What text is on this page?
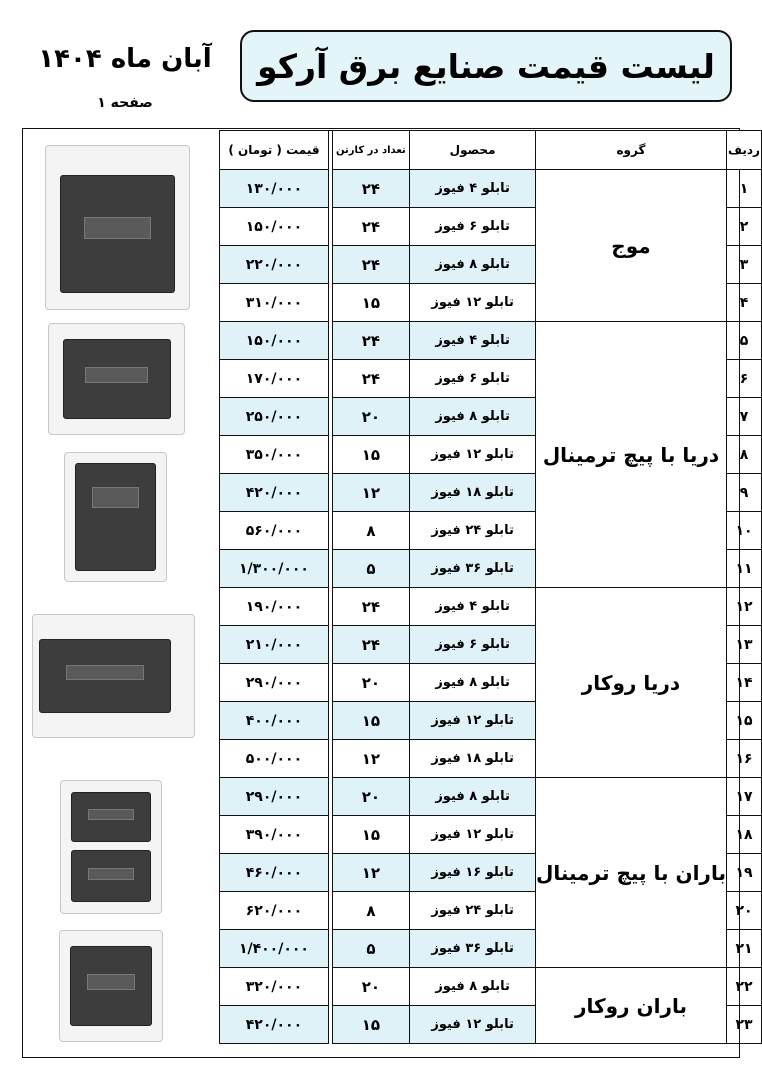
لیست قیمت صنایع برق آرکو
آبان ماه ۱۴۰۴
صفحه ۱
ردیف	گروه	محصول	تعداد در کارتن		قیمت ( تومان )
۱	موج	تابلو ۴ فیوز	۲۴		۱۳۰/۰۰۰
۲		تابلو ۶ فیوز	۲۴		۱۵۰/۰۰۰
۳		تابلو ۸ فیوز	۲۴		۲۲۰/۰۰۰
۴		تابلو ۱۲ فیوز	۱۵		۳۱۰/۰۰۰
۵	دریا با پیچ ترمینال	تابلو ۴ فیوز	۲۴		۱۵۰/۰۰۰
۶		تابلو ۶ فیوز	۲۴		۱۷۰/۰۰۰
۷		تابلو ۸ فیوز	۲۰		۲۵۰/۰۰۰
۸		تابلو ۱۲ فیوز	۱۵		۳۵۰/۰۰۰
۹		تابلو ۱۸ فیوز	۱۲		۴۲۰/۰۰۰
۱۰		تابلو ۲۴ فیوز	۸		۵۶۰/۰۰۰
۱۱		تابلو ۳۶ فیوز	۵		۱/۳۰۰/۰۰۰
۱۲	دریا روکار	تابلو ۴ فیوز	۲۴		۱۹۰/۰۰۰
۱۳		تابلو ۶ فیوز	۲۴		۲۱۰/۰۰۰
۱۴		تابلو ۸ فیوز	۲۰		۲۹۰/۰۰۰
۱۵		تابلو ۱۲ فیوز	۱۵		۴۰۰/۰۰۰
۱۶		تابلو ۱۸ فیوز	۱۲		۵۰۰/۰۰۰
۱۷	باران با پیچ ترمینال	تابلو ۸ فیوز	۲۰		۲۹۰/۰۰۰
۱۸		تابلو ۱۲ فیوز	۱۵		۳۹۰/۰۰۰
۱۹		تابلو ۱۶ فیوز	۱۲		۴۶۰/۰۰۰
۲۰		تابلو ۲۴ فیوز	۸		۶۲۰/۰۰۰
۲۱		تابلو ۳۶ فیوز	۵		۱/۴۰۰/۰۰۰
۲۲	باران روکار	تابلو ۸ فیوز	۲۰		۳۲۰/۰۰۰
۲۳		تابلو ۱۲ فیوز	۱۵		۴۲۰/۰۰۰
